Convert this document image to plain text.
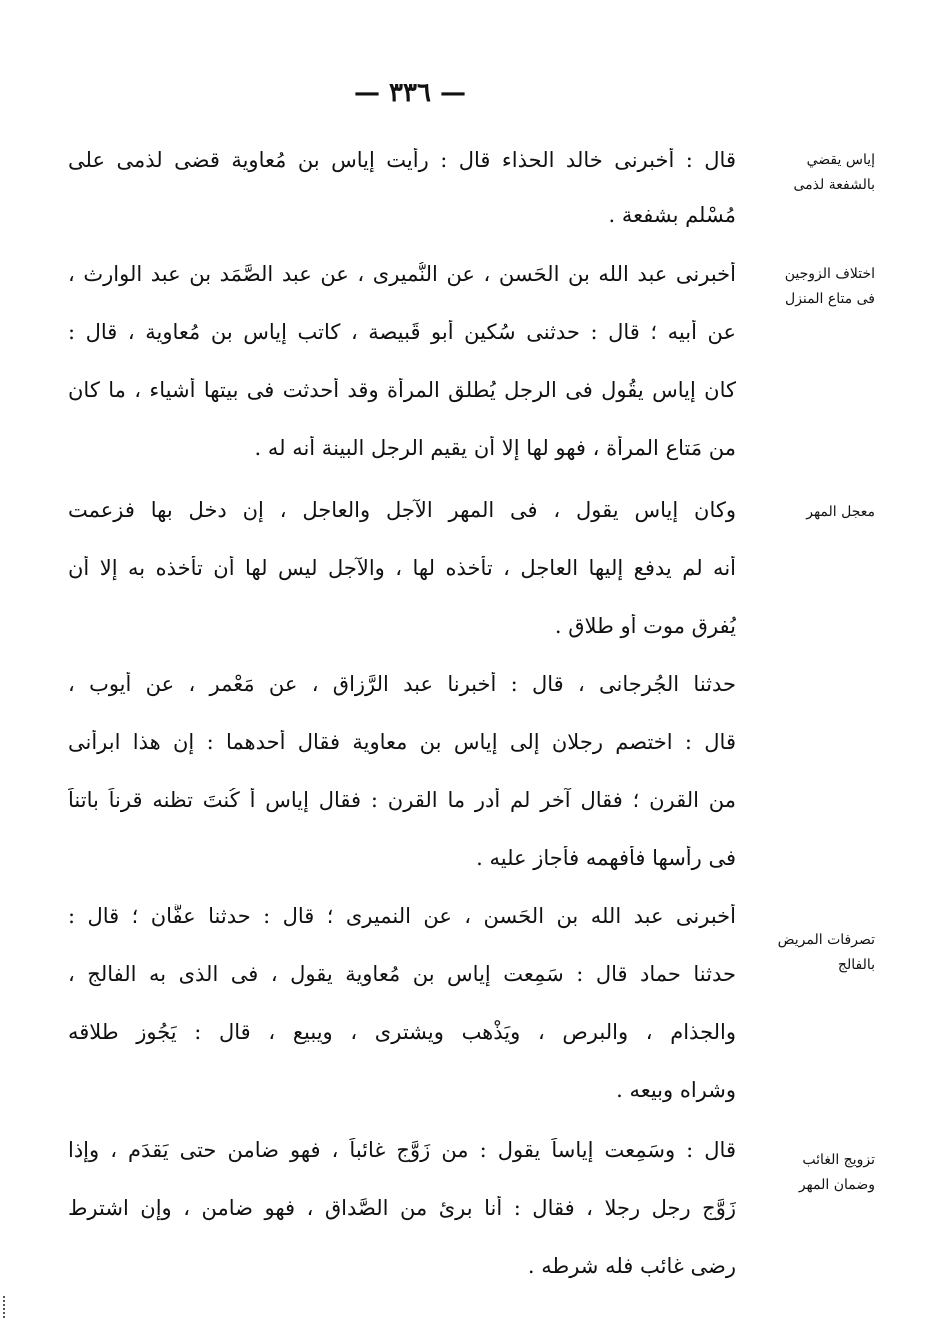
— ٣٣٦ —
إياس يقضي
بالشفعة لذمى
قال : أخبرنى خالد الحذاء قال : رأيت إياس بن مُعاوية قضى لذمى على
مُسْلم بشفعة .
اختلاف الزوجين
فى متاع المنزل
أخبرنى عبد الله بن الحَسن ، عن النُّميرى ، عن عبد الصَّمَد بن عبد الوارث ،
عن أبيه ؛ قال : حدثنى سُكين أبو قَبيصة ، كاتب إياس بن مُعاوية ، قال :
كان إياس يقُول فى الرجل يُطلق المرأة وقد أحدثت فى بيتها أشياء ، ما كان
من مَتاع المرأة ، فهو لها إلا أن يقيم الرجل البينة أنه له .
معجل المهر
وكان إياس يقول ، فى المهر الآجل والعاجل ، إن دخل بها فزعمت
أنه لم يدفع إليها العاجل ، تأخذه لها ، والآجل ليس لها أن تأخذه به إلا أن
يُفرق موت أو طلاق .
حدثنا الجُرجانى ، قال : أخبرنا عبد الرَّزاق ، عن مَعْمر ، عن أيوب ،
قال : اختصم رجلان إلى إياس بن معاوية فقال أحدهما : إن هذا ابرأنى
من القرن ؛ فقال آخر لم أدر ما القرن : فقال إياس أ كُنتَ تظنه قرناً باتناً
فى رأسها فأفهمه فأجاز عليه .
تصرفات المريض
بالفالج
أخبرنى عبد الله بن الحَسن ، عن النميرى ؛ قال : حدثنا عفَّان ؛ قال :
حدثنا حماد قال : سَمِعت إياس بن مُعاوية يقول ، فى الذى به الفالج ،
والجذام ، والبرص ، ويَذْهب ويشترى ، ويبيع ، قال : يَجُوز طلاقه
وشراه وبيعه .
تزويج الغائب
وضمان المهر
قال : وسَمِعت إياساً يقول : من زَوَّج غائباً ، فهو ضامن حتى يَقدَم ، وإذا
زَوَّج رجل رجلا ، فقال : أنا برئ من الصَّداق ، فهو ضامن ، وإن اشترط
رضى غائب فله شرطه .
